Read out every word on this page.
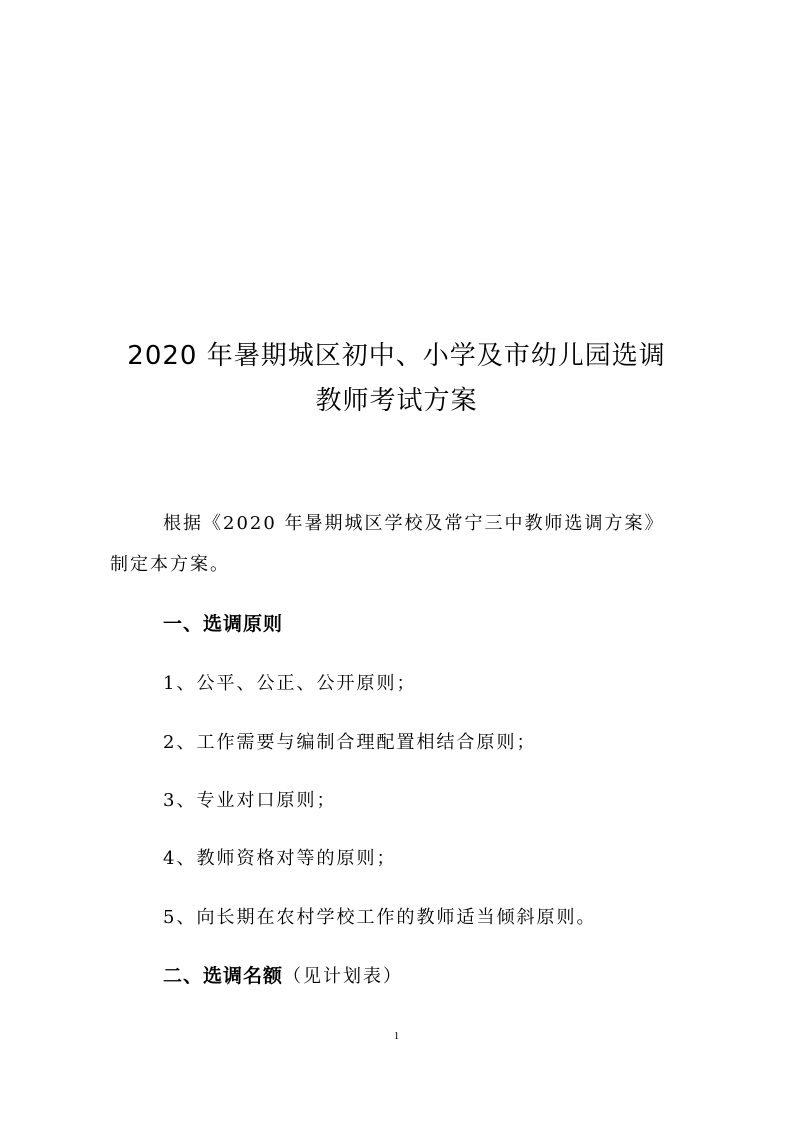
2020 年暑期城区初中、小学及市幼儿园选调
教师考试方案
根据《2020 年暑期城区学校及常宁三中教师选调方案》
制定本方案。
一、选调原则
1、公平、公正、公开原则；
2、工作需要与编制合理配置相结合原则；
3、专业对口原则；
4、教师资格对等的原则；
5、向长期在农村学校工作的教师适当倾斜原则。
二、选调名额（见计划表）
1
